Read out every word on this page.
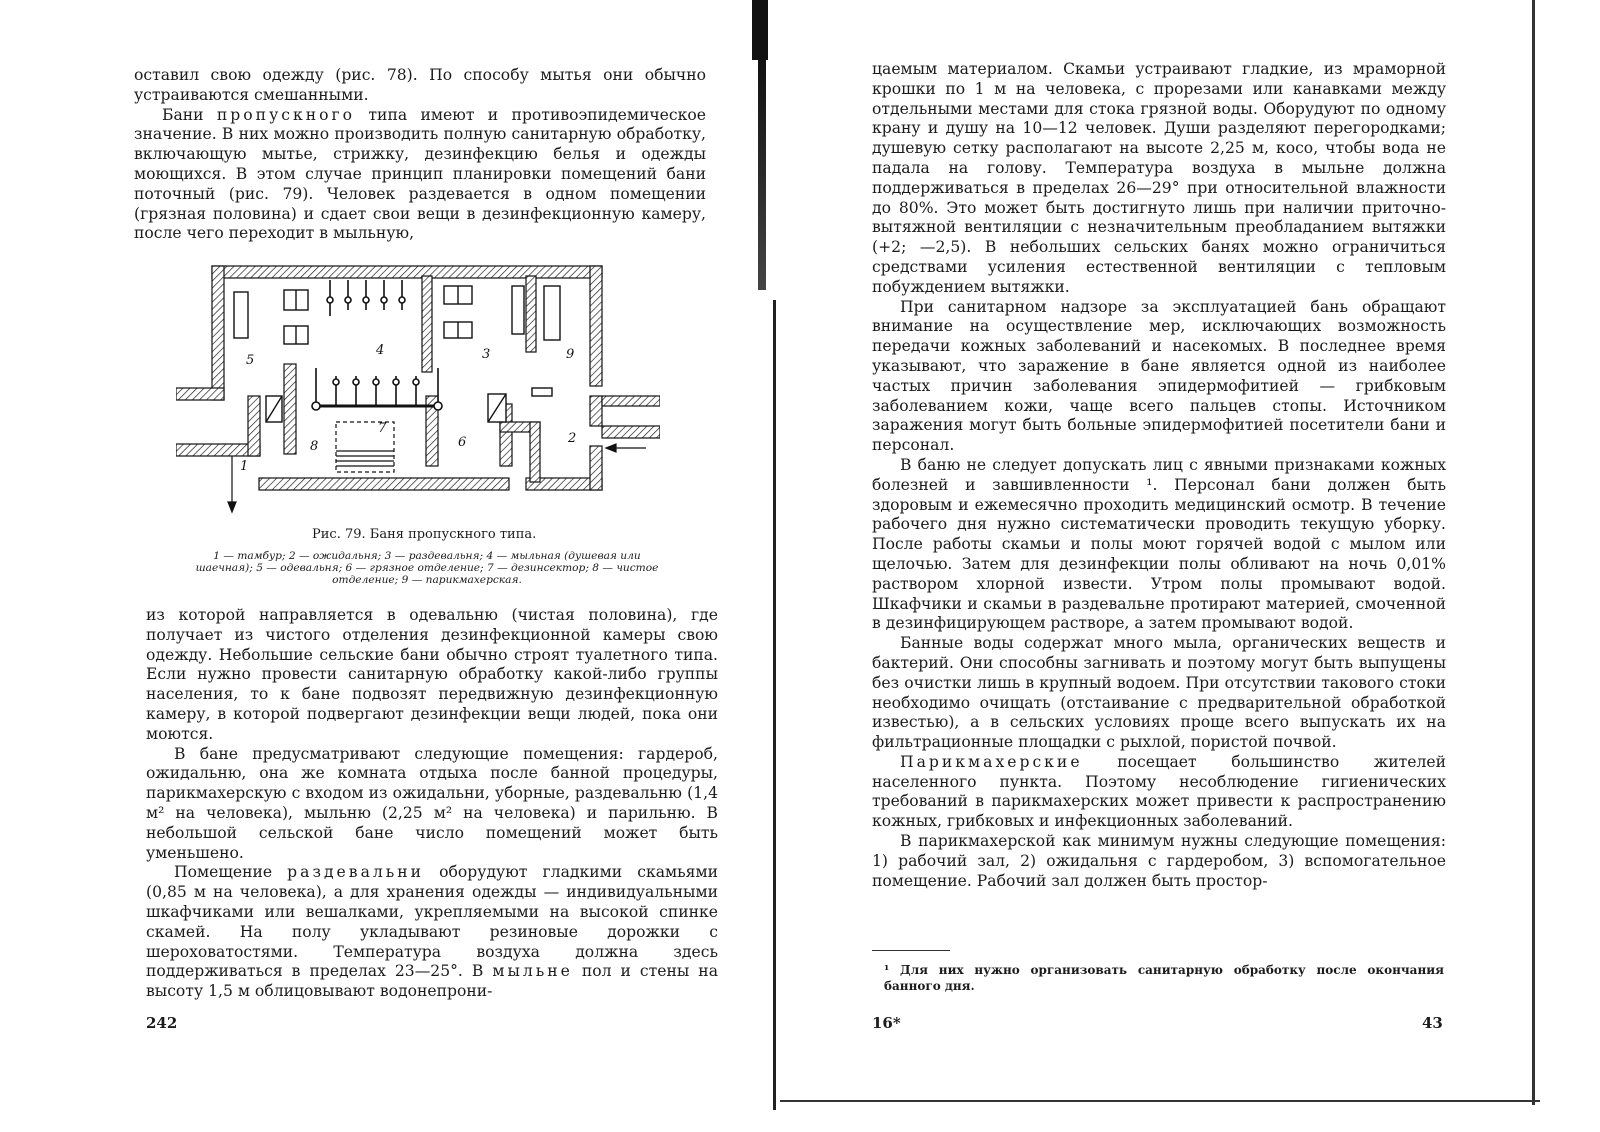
оставил свою одежду (рис. 78). По способу мытья они обычно устраиваются смешанными.

Бани пропускного типа имеют и противоэпидемическое значение. В них можно производить полную санитарную обработку, включающую мытье, стрижку, дезинфекцию белья и одежды моющихся. В этом случае принцип планировки помещений бани поточный (рис. 79). Человек раздевается в одном помещении (грязная половина) и сдает свои вещи в дезинфекционную камеру, после чего переходит в мыльную,

5
4	3	9
7
8	6	2
1
Рис. 79. Баня пропускного типа.
1 — тамбур; 2 — ожидальня; 3 — раздевальня; 4 — мыльная (душевая или шаечная); 5 — одевальня; 6 — грязное отделение; 7 — дезинсектор; 8 — чистое отделение; 9 — парикмахерская.

из которой направляется в одевальню (чистая половина), где получает из чистого отделения дезинфекционной камеры свою одежду. Небольшие сельские бани обычно строят туалетного типа. Если нужно провести санитарную обработку какой-либо группы населения, то к бане подвозят передвижную дезинфекционную камеру, в которой подвергают дезинфекции вещи людей, пока они моются.

В бане предусматривают следующие помещения: гардероб, ожидальню, она же комната отдыха после банной процедуры, парикмахерскую с входом из ожидальни, уборные, раздевальню (1,4 м² на человека), мыльню (2,25 м² на человека) и парильню. В небольшой сельской бане число помещений может быть уменьшено.

Помещение раздевальни оборудуют гладкими скамьями (0,85 м на человека), а для хранения одежды — индивидуальными шкафчиками или вешалками, укрепляемыми на высокой спинке скамей. На полу укладывают резиновые дорожки с шероховатостями. Температура воздуха должна здесь поддерживаться в пределах 23—25°. В мыльне пол и стены на высоту 1,5 м облицовывают водонепрони-

242

цаемым материалом. Скамьи устраивают гладкие, из мраморной крошки по 1 м на человека, с прорезами или канавками между отдельными местами для стока грязной воды. Оборудуют по одному крану и душу на 10—12 человек. Души разделяют перегородками; душевую сетку располагают на высоте 2,25 м, косо, чтобы вода не падала на голову. Температура воздуха в мыльне должна поддерживаться в пределах 26—29° при относительной влажности до 80%. Это может быть достигнуто лишь при наличии приточно-вытяжной вентиляции с незначительным преобладанием вытяжки (+2; —2,5). В небольших сельских банях можно ограничиться средствами усиления естественной вентиляции с тепловым побуждением вытяжки.

При санитарном надзоре за эксплуатацией бань обращают внимание на осуществление мер, исключающих возможность передачи кожных заболеваний и насекомых. В последнее время указывают, что заражение в бане является одной из наиболее частых причин заболевания эпидермофитией — грибковым заболеванием кожи, чаще всего пальцев стопы. Источником заражения могут быть больные эпидермофитией посетители бани и персонал.

В баню не следует допускать лиц с явными признаками кожных болезней и завшивленности ¹. Персонал бани должен быть здоровым и ежемесячно проходить медицинский осмотр. В течение рабочего дня нужно систематически проводить текущую уборку. После работы скамьи и полы моют горячей водой с мылом или щелочью. Затем для дезинфекции полы обливают на ночь 0,01% раствором хлорной извести. Утром полы промывают водой. Шкафчики и скамьи в раздевальне протирают материей, смоченной в дезинфицирующем растворе, а затем промывают водой.

Банные воды содержат много мыла, органических веществ и бактерий. Они способны загнивать и поэтому могут быть выпущены без очистки лишь в крупный водоем. При отсутствии такового стоки необходимо очищать (отстаивание с предварительной обработкой известью), а в сельских условиях проще всего выпускать их на фильтрационные площадки с рыхлой, пористой почвой.

Парикмахерские посещает большинство жителей населенного пункта. Поэтому несоблюдение гигиенических требований в парикмахерских может привести к распространению кожных, грибковых и инфекционных заболеваний.

В парикмахерской как минимум нужны следующие помещения: 1) рабочий зал, 2) ожидальня с гардеробом, 3) вспомогательное помещение. Рабочий зал должен быть простор-

¹ Для них нужно организовать санитарную обработку после окончания банного дня.
16*	43
